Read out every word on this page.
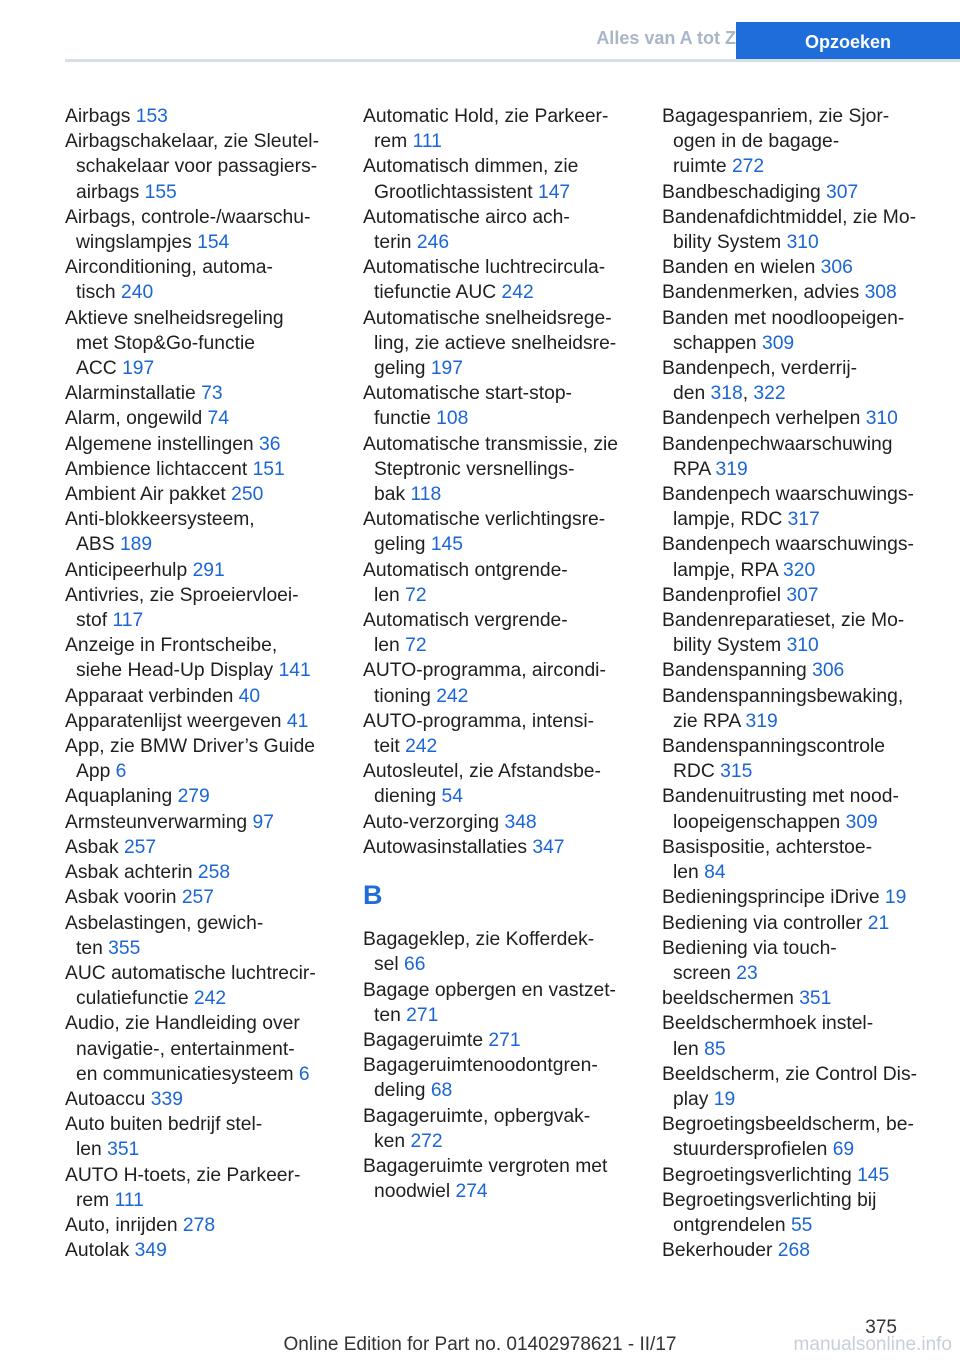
Alles van A tot Z	Opzoeken

Airbags 153

Airbagschakelaar, zie Sleutel-
schakelaar voor passagiers-
airbags 155

Airbags, controle-/waarschu-
wingslampjes 154

Airconditioning, automa-
tisch 240

Aktieve snelheidsregeling
met Stop&Go-functie
ACC 197

Alarminstallatie 73

Alarm, ongewild 74

Algemene instellingen 36

Ambience lichtaccent 151

Ambient Air pakket 250

Anti-blokkeersysteem,
ABS 189

Anticipeerhulp 291

Antivries, zie Sproeiervloei-
stof 117

Anzeige in Frontscheibe,
siehe Head-Up Display 141

Apparaat verbinden 40

Apparatenlijst weergeven 41

App, zie BMW Driver’s Guide
App 6

Aquaplaning 279

Armsteunverwarming 97

Asbak 257

Asbak achterin 258

Asbak voorin 257

Asbelastingen, gewich-
ten 355

AUC automatische luchtrecir-
culatiefunctie 242

Audio, zie Handleiding over
navigatie-, entertainment-
en communicatiesysteem 6

Autoaccu 339

Auto buiten bedrijf stel-
len 351

AUTO H-toets, zie Parkeer-
rem 111

Auto, inrijden 278

Autolak 349

Automatic Hold, zie Parkeer-
rem 111

Automatisch dimmen, zie
Grootlichtassistent 147

Automatische airco ach-
terin 246

Automatische luchtrecircula-
tiefunctie AUC 242

Automatische snelheidsrege-
ling, zie actieve snelheidsre-
geling 197

Automatische start-stop-
functie 108

Automatische transmissie, zie
Steptronic versnellings-
bak 118

Automatische verlichtingsre-
geling 145

Automatisch ontgrende-
len 72

Automatisch vergrende-
len 72

AUTO-programma, aircondi-
tioning 242

AUTO-programma, intensi-
teit 242

Autosleutel, zie Afstandsbe-
diening 54

Auto-verzorging 348

Autowasinstallaties 347

B

Bagageklep, zie Kofferdek-
sel 66

Bagage opbergen en vastzet-
ten 271

Bagageruimte 271

Bagageruimtenoodontgren-
deling 68

Bagageruimte, opbergvak-
ken 272

Bagageruimte vergroten met
noodwiel 274

Bagagespanriem, zie Sjor-
ogen in de bagage-
ruimte 272

Bandbeschadiging 307

Bandenafdichtmiddel, zie Mo-
bility System 310

Banden en wielen 306

Bandenmerken, advies 308

Banden met noodloopeigen-
schappen 309

Bandenpech, verderrij-
den 318, 322

Bandenpech verhelpen 310

Bandenpechwaarschuwing
RPA 319

Bandenpech waarschuwings-
lampje, RDC 317

Bandenpech waarschuwings-
lampje, RPA 320

Bandenprofiel 307

Bandenreparatieset, zie Mo-
bility System 310

Bandenspanning 306

Bandenspanningsbewaking,
zie RPA 319

Bandenspanningscontrole
RDC 315

Bandenuitrusting met nood-
loopeigenschappen 309

Basispositie, achterstoe-
len 84

Bedieningsprincipe iDrive 19

Bediening via controller 21

Bediening via touch-
screen 23

beeldschermen 351

Beeldschermhoek instel-
len 85

Beeldscherm, zie Control Dis-
play 19

Begroetingsbeeldscherm, be-
stuurdersprofielen 69

Begroetingsverlichting 145

Begroetingsverlichting bij
ontgrendelen 55

Bekerhouder 268

375
Online Edition for Part no. 01402978621 - II/17	manualsonline.info
